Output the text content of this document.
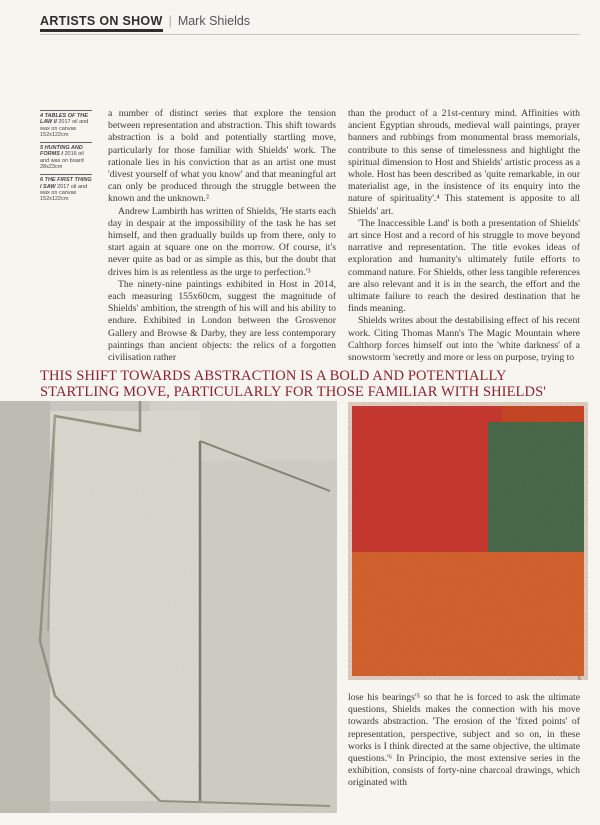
ARTISTS ON SHOW | Mark Shields
4 TABLES OF THE LAW II 2017 oil and wax on canvas 152x122cm
5 HUNTING AND FORMS I 2016 oil and wax on board 28x23cm
6 THE FIRST THING I SAW 2017 oil and wax on canvas 152x122cm

a number of distinct series that explore the tension between representation and abstraction. This shift towards abstraction is a bold and potentially startling move, particularly for those familiar with Shields' work. The rationale lies in his conviction that as an artist one must 'divest yourself of what you know' and that meaningful art can only be produced through the struggle between the known and the unknown.²

Andrew Lambirth has written of Shields, 'He starts each day in despair at the impossibility of the task he has set himself, and then gradually builds up from there, only to start again at square one on the morrow. Of course, it's never quite as bad or as simple as this, but the doubt that drives him is as relentless as the urge to perfection.'³

The ninety-nine paintings exhibited in Host in 2014, each measuring 155x60cm, suggest the magnitude of Shields' ambition, the strength of his will and his ability to endure. Exhibited in London between the Grosvenor Gallery and Browse & Darby, they are less contemporary paintings than ancient objects: the relics of a forgotten civilisation rather

than the product of a 21st-century mind. Affinities with ancient Egyptian shrouds, medieval wall paintings, prayer banners and rubbings from monumental brass memorials, contribute to this sense of timelessness and highlight the spiritual dimension to Host and Shields' artistic process as a whole. Host has been described as 'quite remarkable, in our materialist age, in the insistence of its enquiry into the nature of spirituality'.⁴ This statement is apposite to all Shields' art.

'The Inaccessible Land' is both a presentation of Shields' art since Host and a record of his struggle to move beyond narrative and representation. The title evokes ideas of exploration and humanity's ultimately futile efforts to command nature. For Shields, other less tangible references are also relevant and it is in the search, the effort and the ultimate failure to reach the desired destination that he finds meaning.

Shields writes about the destabilising effect of his recent work. Citing Thomas Mann's The Magic Mountain where Calthorp forces himself out into the 'white darkness' of a snowstorm 'secretly and more or less on purpose, trying to

THIS SHIFT TOWARDS ABSTRACTION IS A BOLD AND POTENTIALLY STARTLING MOVE, PARTICULARLY FOR THOSE FAMILIAR WITH SHIELDS'
5

lose his bearings'⁵ so that he is forced to ask the ultimate questions, Shields makes the connection with his move towards abstraction. 'The erosion of the 'fixed points' of representation, perspective, subject and so on, in these works is I think directed at the same objective, the ultimate questions.'⁶ In Principio, the most extensive series in the exhibition, consists of forty-nine charcoal drawings, which originated with
